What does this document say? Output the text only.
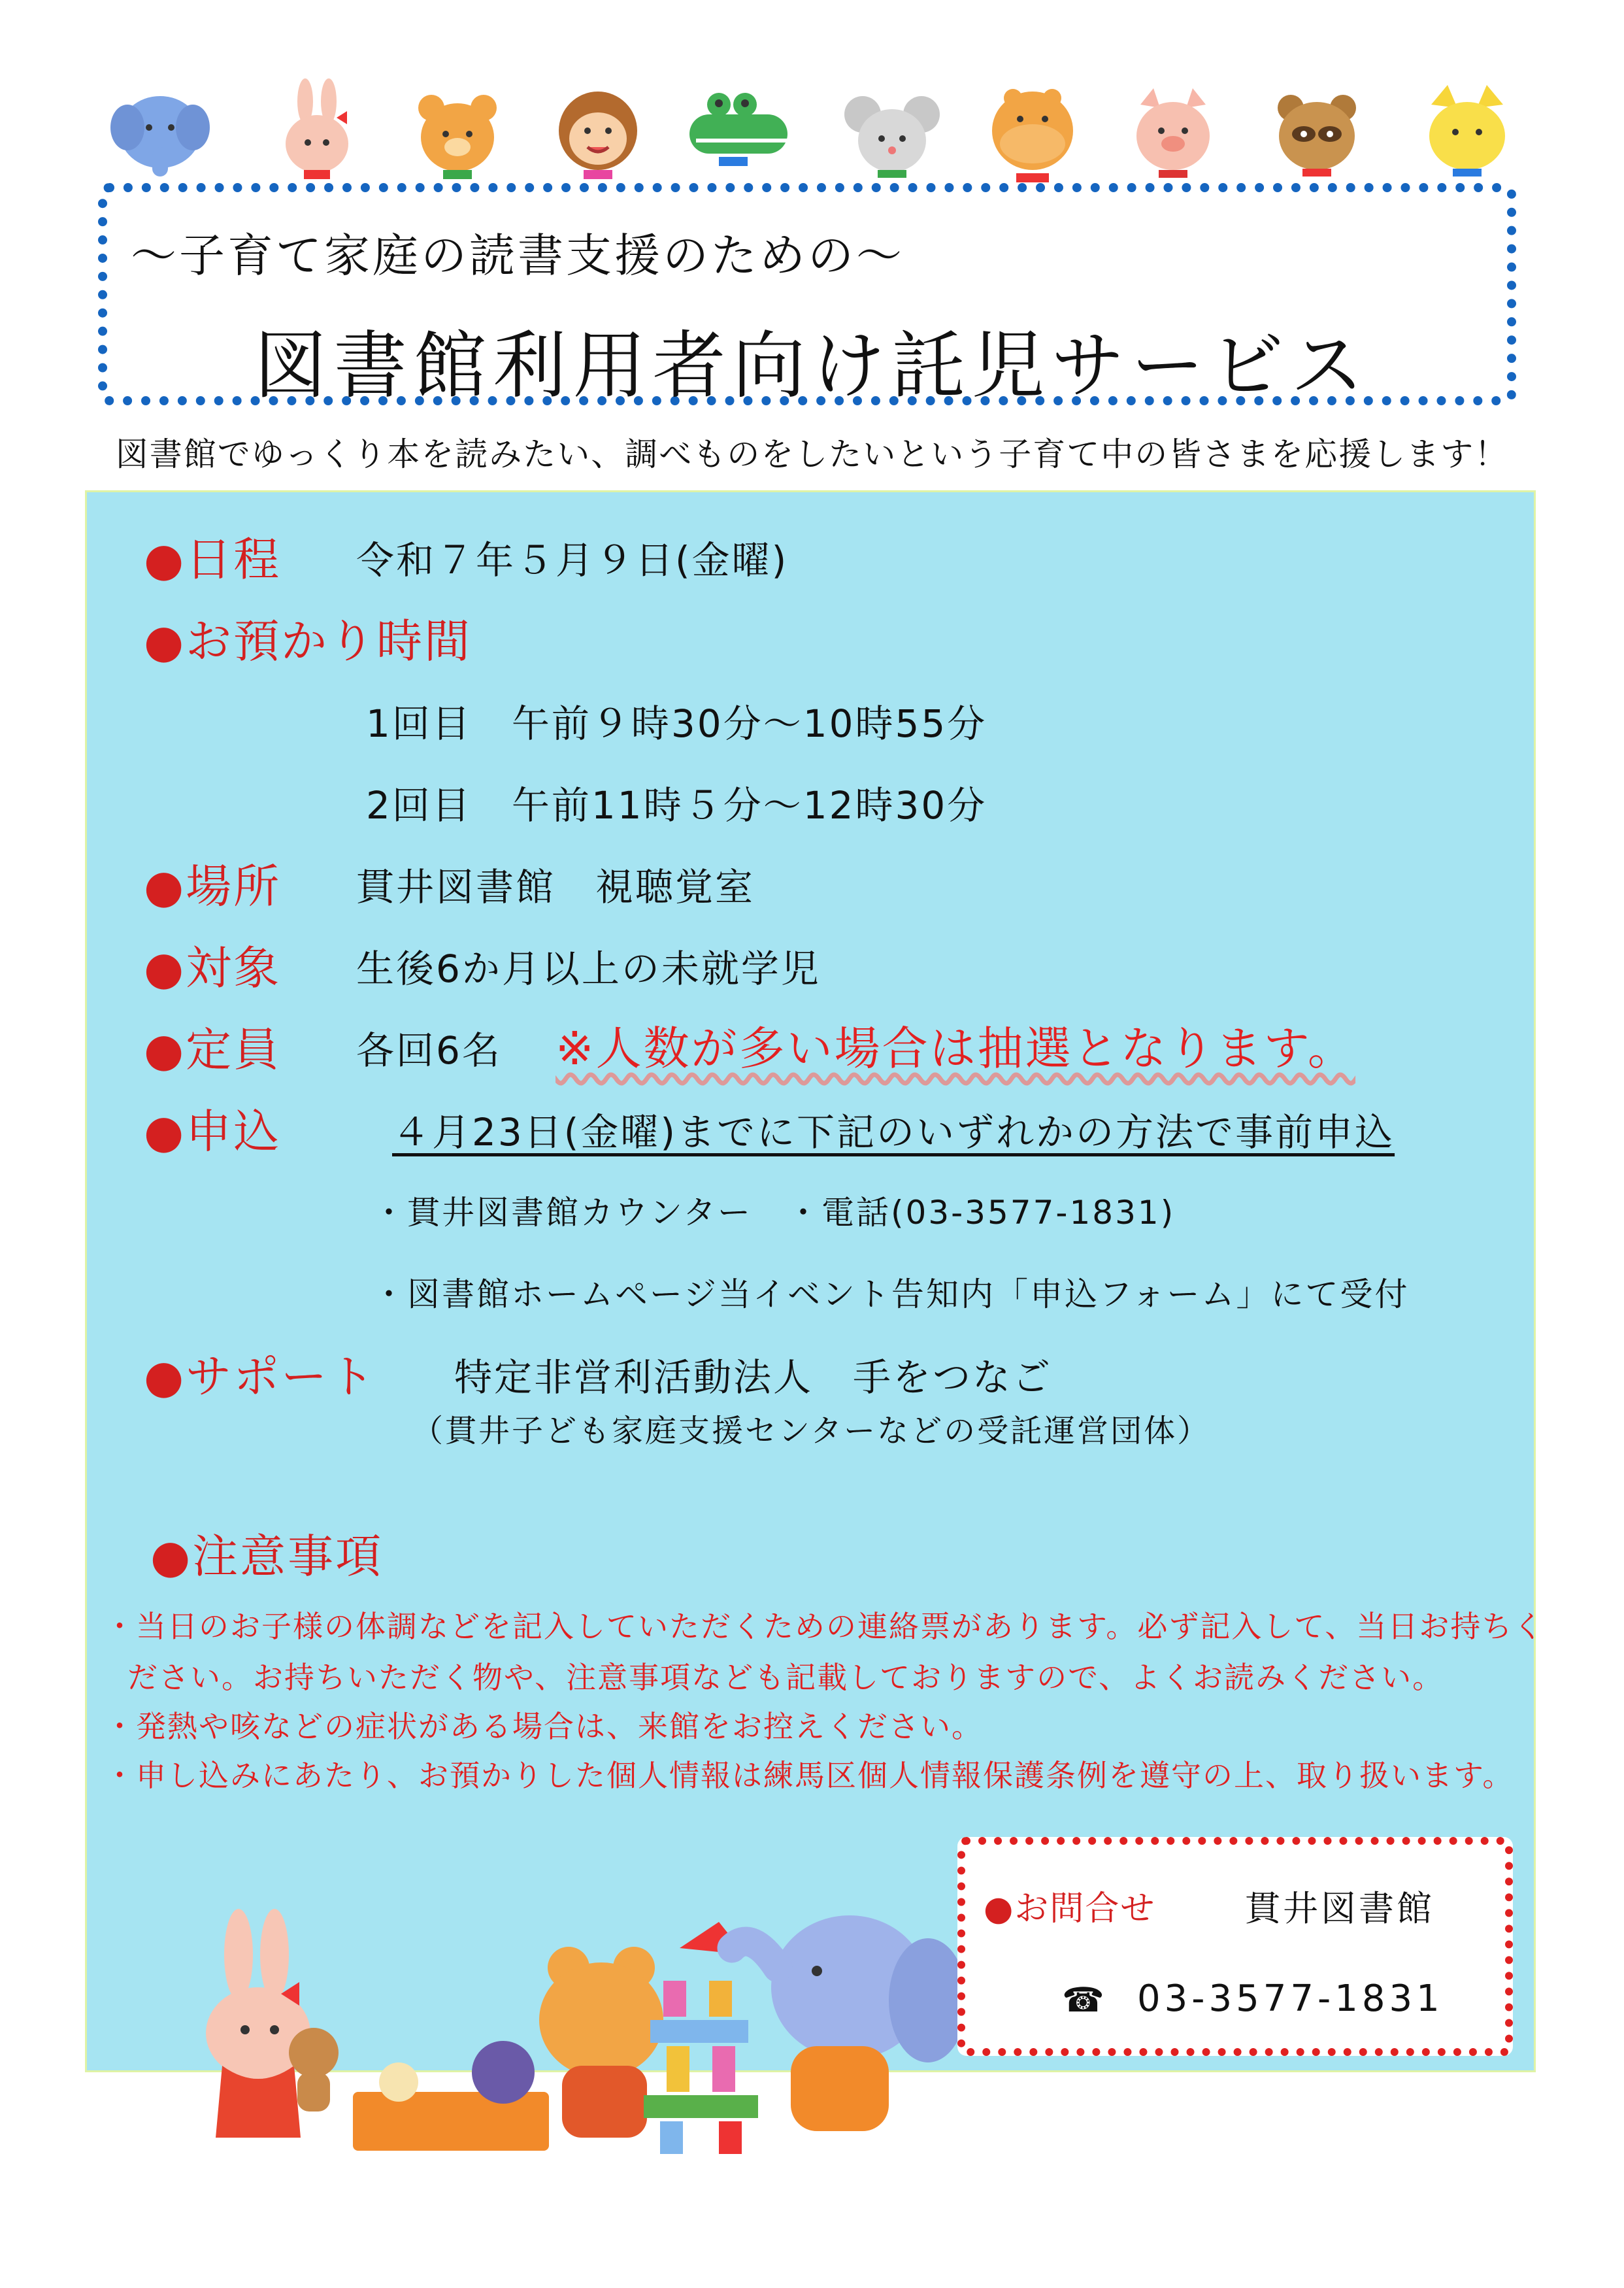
～子育て家庭の読書支援のための～
図書館利用者向け託児サービス
図書館でゆっくり本を読みたい、調べものをしたいという子育て中の皆さまを応援します！
●日程 令和７年５月９日(金曜)
●お預かり時間
1回目　午前９時30分～10時55分
2回目　午前11時５分～12時30分
●場所 貫井図書館　視聴覚室
●対象 生後6か月以上の未就学児
●定員 各回6名 ※人数が多い場合は抽選となります。
●申込	４月23日(金曜)までに下記のいずれかの方法で事前申込
・貫井図書館カウンター　・電話(03-3577-1831)
・図書館ホームページ当イベント告知内「申込フォーム」にて受付
●サポート 特定非営利活動法人　手をつなご
（貫井子ども家庭支援センターなどの受託運営団体）
●注意事項
・当日のお子様の体調などを記入していただくための連絡票があります。必ず記入して、当日お持ちく
ださい。お持ちいただく物や、注意事項なども記載しておりますので、よくお読みください。
・発熱や咳などの症状がある場合は、来館をお控えください。
・申し込みにあたり、お預かりした個人情報は練馬区個人情報保護条例を遵守の上、取り扱います。
●お問合せ	貫井図書館
☎ 03-3577-1831
